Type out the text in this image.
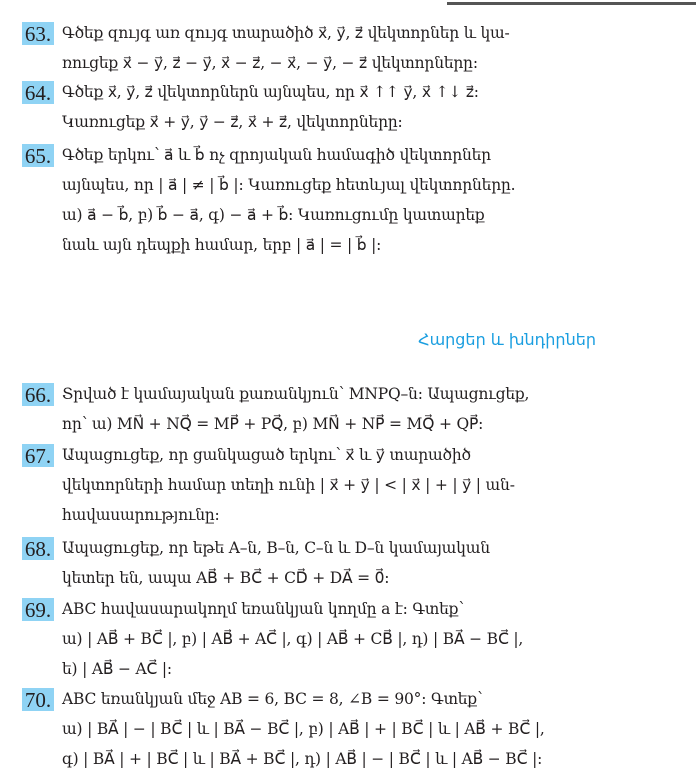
Հարցեր և խնդիրներ
63. Գծեք զույգ առ զույգ տարածիծ x⃗, y⃗, z⃗ վեկտորներ և կա-
ռուցեք x⃗ − y⃗, z⃗ − y⃗, x⃗ − z⃗, − x⃗, − y⃗, − z⃗ վեկտորները:
64. Գծեք x⃗, y⃗, z⃗ վեկտորներն այնպես, որ x⃗ ↑↑ y⃗, x⃗ ↑↓ z⃗:
Կառուցեք x⃗ + y⃗, y⃗ − z⃗, x⃗ + z⃗, վեկտորները:
65. Գծեք երկու՝ a⃗ և b⃗ ոչ զրոյական համագիծ վեկտորներ
այնպես, որ | a⃗ | ≠ | b⃗ |: Կառուցեք հետևյալ վեկտորները.
ա) a⃗ − b⃗, բ) b⃗ − a⃗, գ) − a⃗ + b⃗: Կառուցումը կատարեք
նաև այն դեպքի համար, երբ | a⃗ | = | b⃗ |:
66. Տրված է կամայական քառանկյուն՝ MNPQ–ն: Ապացուցեք,
որ՝ ա) MN⃗ + NQ⃗ = MP⃗ + PQ⃗, բ) MN⃗ + NP⃗ = MQ⃗ + QP⃗:
67. Ապացուցեք, որ ցանկացած երկու՝ x⃗ և y⃗ տարածիծ
վեկտորների համար տեղի ունի | x⃗ + y⃗ | < | x⃗ | + | y⃗ | ան-
հավասարությունը:
68. Ապացուցեք, որ եթե A–ն, B–ն, C–ն և D–ն կամայական
կետեր են, ապա AB⃗ + BC⃗ + CD⃗ + DA⃗ = 0⃗:
69. ABC հավասարակողմ եռանկյան կողմը a է: Գտեք՝
ա) | AB⃗ + BC⃗ |, բ) | AB⃗ + AC⃗ |, գ) | AB⃗ + CB⃗ |, դ) | BA⃗ − BC⃗ |,
ե) | AB⃗ − AC⃗ |:
70. ABC եռանկյան մեջ AB = 6, BC = 8, ∠B = 90°: Գտեք՝
ա) | BA⃗ | − | BC⃗ | և | BA⃗ − BC⃗ |, բ) | AB⃗ | + | BC⃗ | և | AB⃗ + BC⃗ |,
գ) | BA⃗ | + | BC⃗ | և | BA⃗ + BC⃗ |, դ) | AB⃗ | − | BC⃗ | և | AB⃗ − BC⃗ |:
